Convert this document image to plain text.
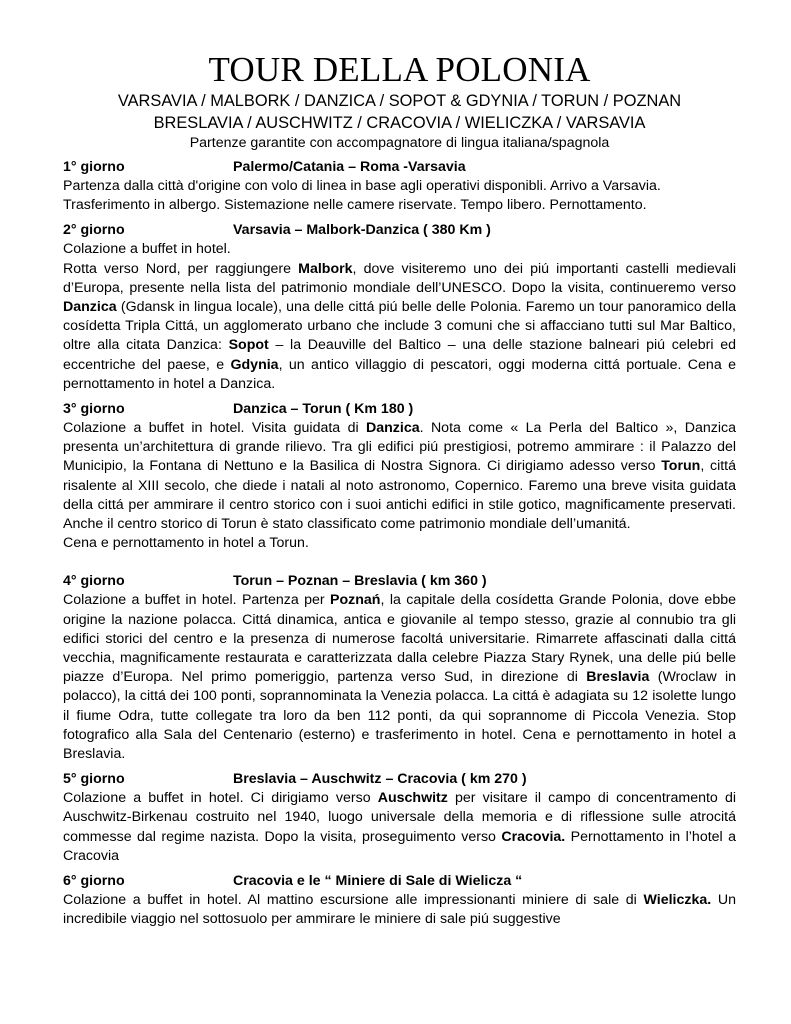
TOUR DELLA POLONIA
VARSAVIA / MALBORK / DANZICA / SOPOT & GDYNIA / TORUN / POZNAN
BRESLAVIA / AUSCHWITZ / CRACOVIA / WIELICZKA / VARSAVIA
Partenze garantite con accompagnatore di lingua italiana/spagnola
1° giorno	Palermo/Catania – Roma -Varsavia

Partenza dalla città d'origine con volo di linea in base agli operativi disponibli. Arrivo a Varsavia. Trasferimento in albergo. Sistemazione nelle camere riservate. Tempo libero. Pernottamento.

2° giorno	Varsavia – Malbork-Danzica ( 380 Km )

Colazione a buffet in hotel.

Rotta verso Nord, per raggiungere Malbork, dove visiteremo uno dei piú importanti castelli medievali d’Europa, presente nella lista del patrimonio mondiale dell’UNESCO. Dopo la visita, continueremo verso Danzica (Gdansk in lingua locale), una delle cittá piú belle delle Polonia. Faremo un tour panoramico della cosídetta Tripla Cittá, un agglomerato urbano che include 3 comuni che si affacciano tutti sul Mar Baltico, oltre alla citata Danzica: Sopot – la Deauville del Baltico – una delle stazione balneari piú celebri ed eccentriche del paese, e Gdynia, un antico villaggio di pescatori, oggi moderna cittá portuale. Cena e pernottamento in hotel a Danzica.

3° giorno	Danzica – Torun ( Km 180 )

Colazione a buffet in hotel. Visita guidata di Danzica. Nota come « La Perla del Baltico », Danzica presenta un’architettura di grande rilievo. Tra gli edifici piú prestigiosi, potremo ammirare : il Palazzo del Municipio, la Fontana di Nettuno e la Basilica di Nostra Signora. Ci dirigiamo adesso verso Torun, cittá risalente al XIII secolo, che diede i natali al noto astronomo, Copernico. Faremo una breve visita guidata della cittá per ammirare il centro storico con i suoi antichi edifici in stile gotico, magnificamente preservati. Anche il centro storico di Torun è stato classificato come patrimonio mondiale dell’umanitá.

Cena e pernottamento in hotel a Torun.

4° giorno	Torun – Poznan – Breslavia ( km 360 )

Colazione a buffet in hotel. Partenza per Poznań, la capitale della cosídetta Grande Polonia, dove ebbe origine la nazione polacca. Cittá dinamica, antica e giovanile al tempo stesso, grazie al connubio tra gli edifici storici del centro e la presenza di numerose facoltá universitarie. Rimarrete affascinati dalla cittá vecchia, magnificamente restaurata e caratterizzata dalla celebre Piazza Stary Rynek, una delle piú belle piazze d’Europa. Nel primo pomeriggio, partenza verso Sud, in direzione di Breslavia (Wroclaw in polacco), la cittá dei 100 ponti, soprannominata la Venezia polacca. La cittá è adagiata su 12 isolette lungo il fiume Odra, tutte collegate tra loro da ben 112 ponti, da qui soprannome di Piccola Venezia. Stop fotografico alla Sala del Centenario (esterno) e trasferimento in hotel. Cena e pernottamento in hotel a Breslavia.

5° giorno	Breslavia – Auschwitz – Cracovia ( km 270 )

Colazione a buffet in hotel. Ci dirigiamo verso Auschwitz per visitare il campo di concentramento di Auschwitz-Birkenau costruito nel 1940, luogo universale della memoria e di riflessione sulle atrocitá commesse dal regime nazista. Dopo la visita, proseguimento verso Cracovia. Pernottamento in l’hotel a Cracovia

6° giorno	Cracovia e le “ Miniere di Sale di Wielicza “

Colazione a buffet in hotel. Al mattino escursione alle impressionanti miniere di sale di Wieliczka. Un incredibile viaggio nel sottosuolo per ammirare le miniere di sale piú suggestive
